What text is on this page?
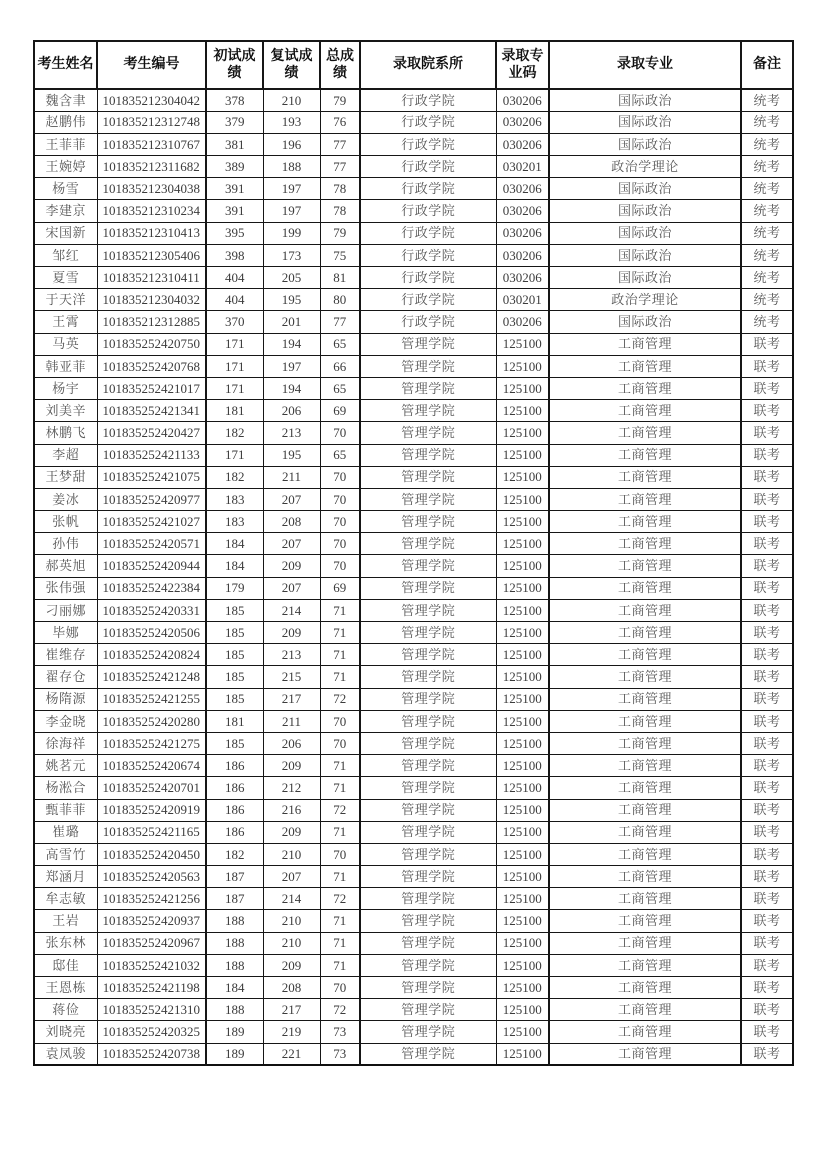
考生姓名	考生编号	初试成绩	复试成绩	总成绩	录取院系所	录取专业码	录取专业	备注
魏含聿	101835212304042	378	210	79	行政学院	030206	国际政治	统考
赵鹏伟	101835212312748	379	193	76	行政学院	030206	国际政治	统考
王菲菲	101835212310767	381	196	77	行政学院	030206	国际政治	统考
王婉婷	101835212311682	389	188	77	行政学院	030201	政治学理论	统考
杨雪	101835212304038	391	197	78	行政学院	030206	国际政治	统考
李建京	101835212310234	391	197	78	行政学院	030206	国际政治	统考
宋国新	101835212310413	395	199	79	行政学院	030206	国际政治	统考
邹红	101835212305406	398	173	75	行政学院	030206	国际政治	统考
夏雪	101835212310411	404	205	81	行政学院	030206	国际政治	统考
于天洋	101835212304032	404	195	80	行政学院	030201	政治学理论	统考
王霄	101835212312885	370	201	77	行政学院	030206	国际政治	统考
马英	101835252420750	171	194	65	管理学院	125100	工商管理	联考
韩亚菲	101835252420768	171	197	66	管理学院	125100	工商管理	联考
杨宇	101835252421017	171	194	65	管理学院	125100	工商管理	联考
刘美辛	101835252421341	181	206	69	管理学院	125100	工商管理	联考
林鹏飞	101835252420427	182	213	70	管理学院	125100	工商管理	联考
李超	101835252421133	171	195	65	管理学院	125100	工商管理	联考
王梦甜	101835252421075	182	211	70	管理学院	125100	工商管理	联考
姜冰	101835252420977	183	207	70	管理学院	125100	工商管理	联考
张帆	101835252421027	183	208	70	管理学院	125100	工商管理	联考
孙伟	101835252420571	184	207	70	管理学院	125100	工商管理	联考
郝英旭	101835252420944	184	209	70	管理学院	125100	工商管理	联考
张伟强	101835252422384	179	207	69	管理学院	125100	工商管理	联考
刁丽娜	101835252420331	185	214	71	管理学院	125100	工商管理	联考
毕娜	101835252420506	185	209	71	管理学院	125100	工商管理	联考
崔维存	101835252420824	185	213	71	管理学院	125100	工商管理	联考
翟存仓	101835252421248	185	215	71	管理学院	125100	工商管理	联考
杨隋源	101835252421255	185	217	72	管理学院	125100	工商管理	联考
李金晓	101835252420280	181	211	70	管理学院	125100	工商管理	联考
徐海祥	101835252421275	185	206	70	管理学院	125100	工商管理	联考
姚茗元	101835252420674	186	209	71	管理学院	125100	工商管理	联考
杨淞合	101835252420701	186	212	71	管理学院	125100	工商管理	联考
甄菲菲	101835252420919	186	216	72	管理学院	125100	工商管理	联考
崔璐	101835252421165	186	209	71	管理学院	125100	工商管理	联考
高雪竹	101835252420450	182	210	70	管理学院	125100	工商管理	联考
郑涵月	101835252420563	187	207	71	管理学院	125100	工商管理	联考
牟志敏	101835252421256	187	214	72	管理学院	125100	工商管理	联考
王岩	101835252420937	188	210	71	管理学院	125100	工商管理	联考
张东林	101835252420967	188	210	71	管理学院	125100	工商管理	联考
邸佳	101835252421032	188	209	71	管理学院	125100	工商管理	联考
王恩栋	101835252421198	184	208	70	管理学院	125100	工商管理	联考
蒋俭	101835252421310	188	217	72	管理学院	125100	工商管理	联考
刘晓亮	101835252420325	189	219	73	管理学院	125100	工商管理	联考
袁凤骏	101835252420738	189	221	73	管理学院	125100	工商管理	联考
